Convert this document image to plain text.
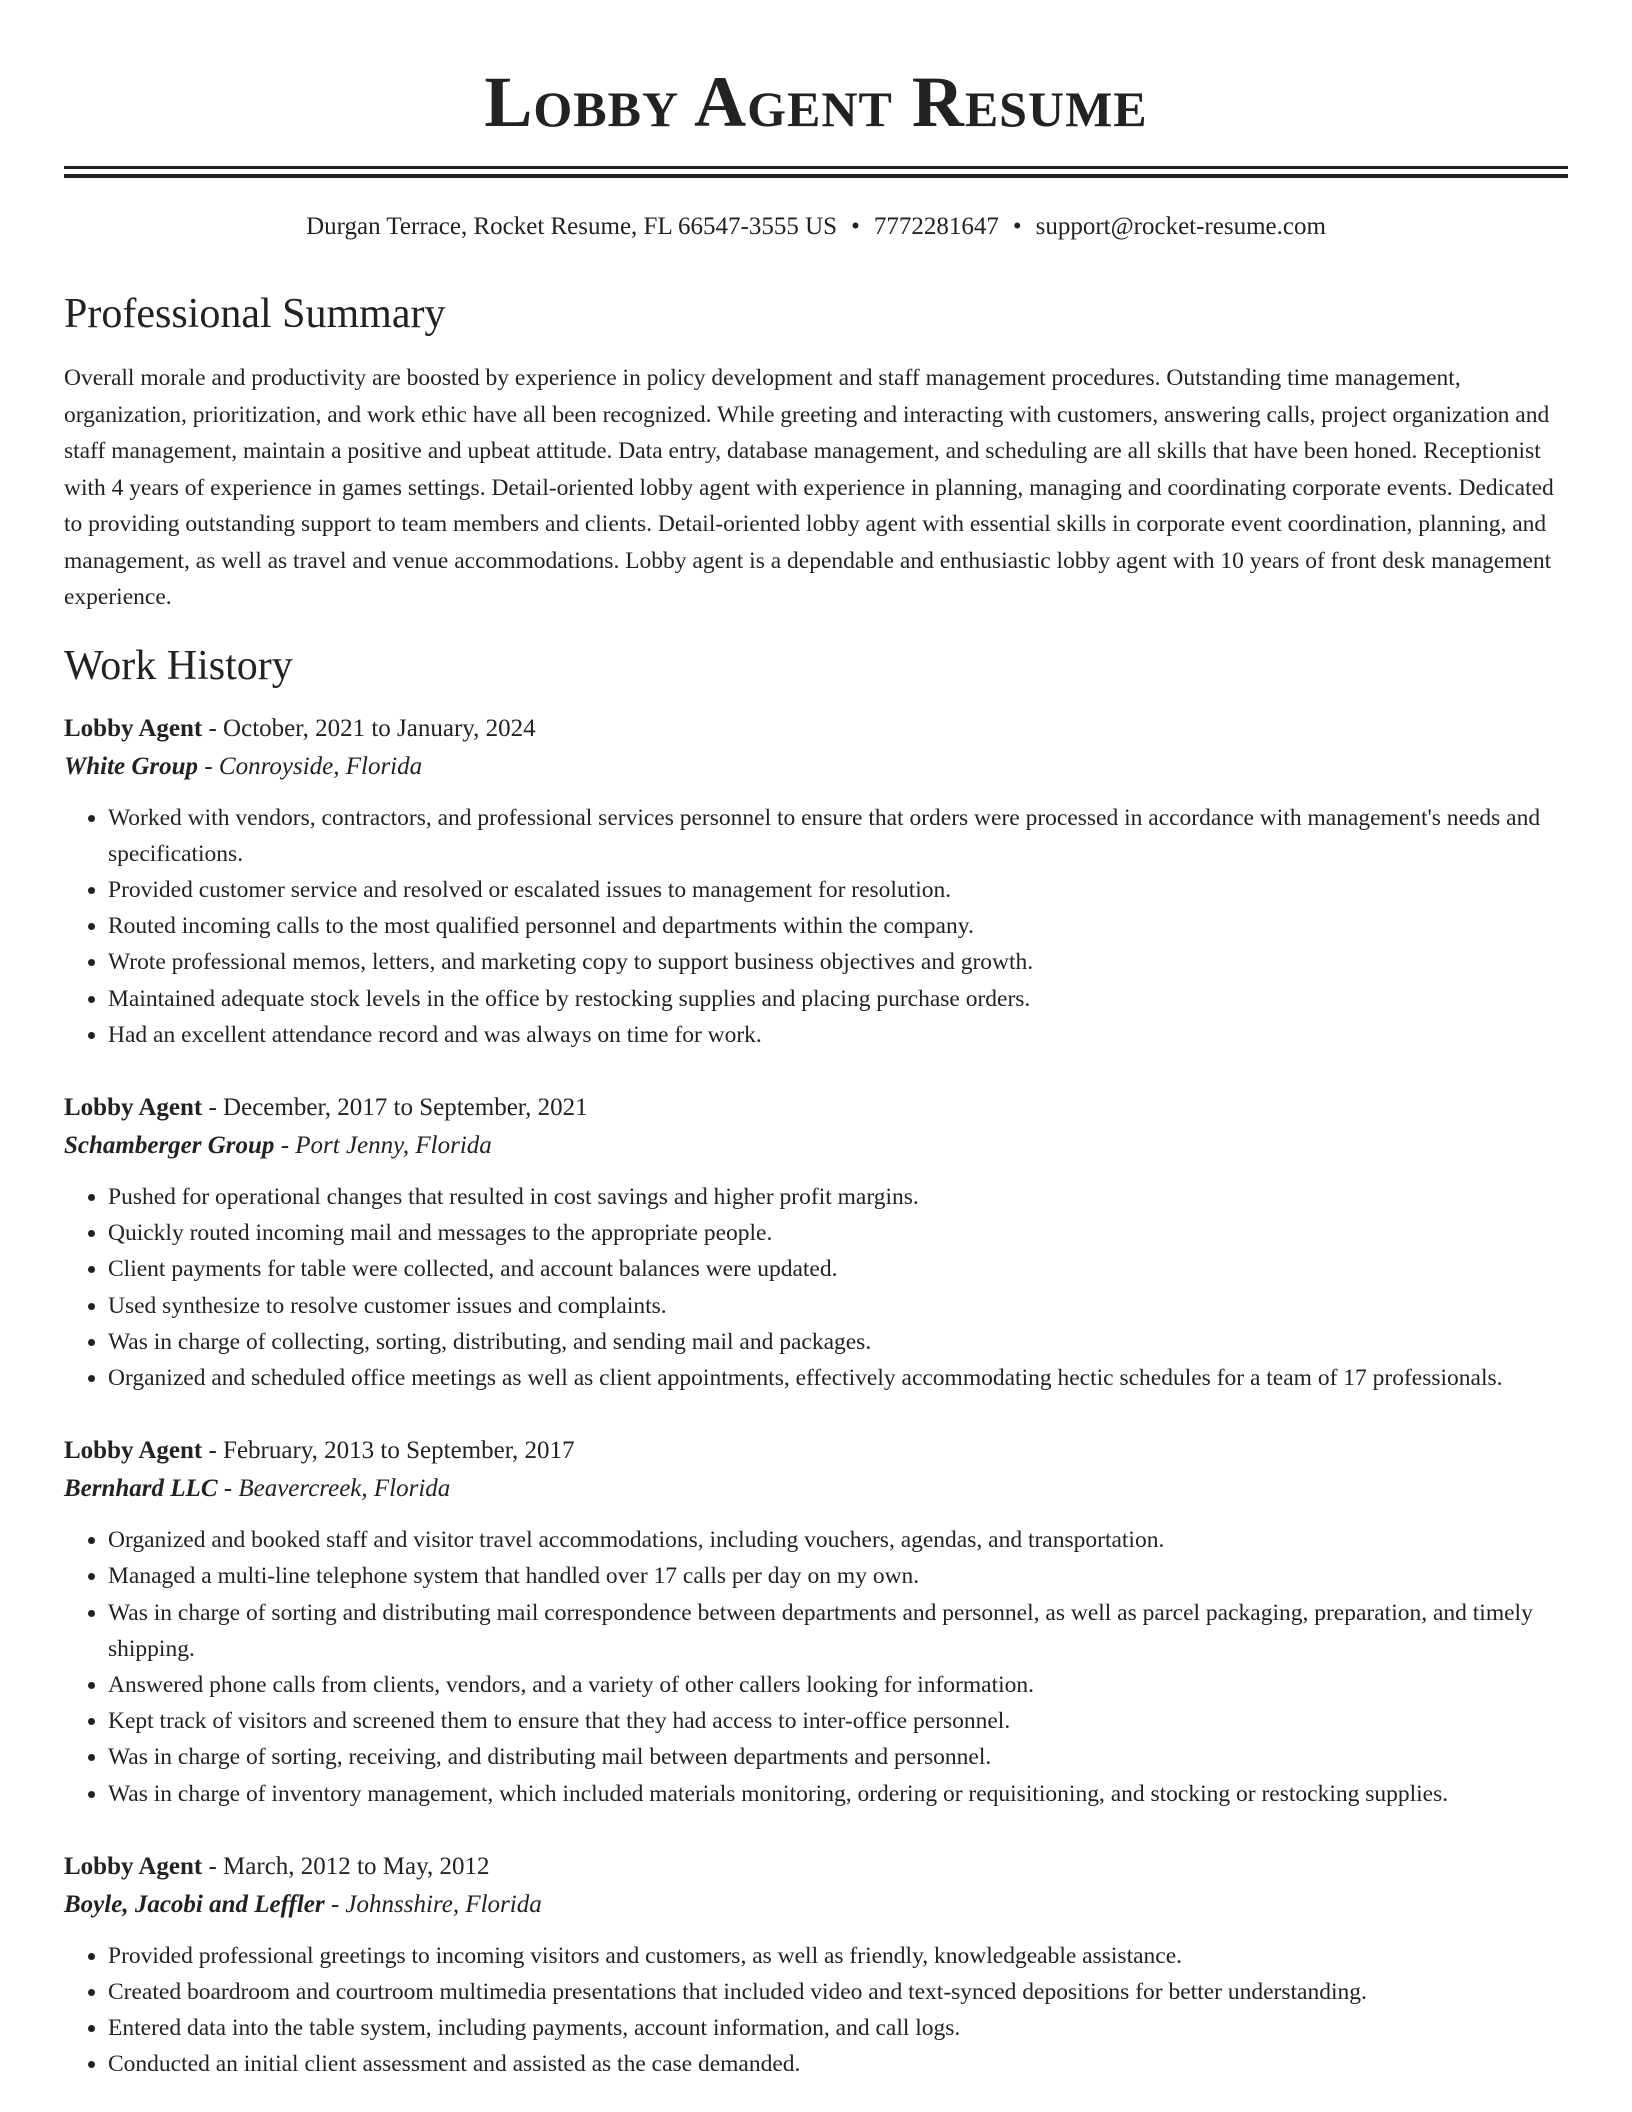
Lobby Agent Resume
Durgan Terrace, Rocket Resume, FL 66547-3555 US • 7772281647 • support@rocket-resume.com
Professional Summary
Overall morale and productivity are boosted by experience in policy development and staff management procedures. Outstanding time management, organization, prioritization, and work ethic have all been recognized. While greeting and interacting with customers, answering calls, project organization and staff management, maintain a positive and upbeat attitude. Data entry, database management, and scheduling are all skills that have been honed. Receptionist with 4 years of experience in games settings. Detail-oriented lobby agent with experience in planning, managing and coordinating corporate events. Dedicated to providing outstanding support to team members and clients. Detail-oriented lobby agent with essential skills in corporate event coordination, planning, and management, as well as travel and venue accommodations. Lobby agent is a dependable and enthusiastic lobby agent with 10 years of front desk management experience.
Work History
Lobby Agent - October, 2021 to January, 2024
White Group - Conroyside, Florida
• Worked with vendors, contractors, and professional services personnel to ensure that orders were processed in accordance with management's needs and specifications.
• Provided customer service and resolved or escalated issues to management for resolution.
• Routed incoming calls to the most qualified personnel and departments within the company.
• Wrote professional memos, letters, and marketing copy to support business objectives and growth.
• Maintained adequate stock levels in the office by restocking supplies and placing purchase orders.
• Had an excellent attendance record and was always on time for work.
Lobby Agent - December, 2017 to September, 2021
Schamberger Group - Port Jenny, Florida
• Pushed for operational changes that resulted in cost savings and higher profit margins.
• Quickly routed incoming mail and messages to the appropriate people.
• Client payments for table were collected, and account balances were updated.
• Used synthesize to resolve customer issues and complaints.
• Was in charge of collecting, sorting, distributing, and sending mail and packages.
• Organized and scheduled office meetings as well as client appointments, effectively accommodating hectic schedules for a team of 17 professionals.
Lobby Agent - February, 2013 to September, 2017
Bernhard LLC - Beavercreek, Florida
• Organized and booked staff and visitor travel accommodations, including vouchers, agendas, and transportation.
• Managed a multi-line telephone system that handled over 17 calls per day on my own.
• Was in charge of sorting and distributing mail correspondence between departments and personnel, as well as parcel packaging, preparation, and timely shipping.
• Answered phone calls from clients, vendors, and a variety of other callers looking for information.
• Kept track of visitors and screened them to ensure that they had access to inter-office personnel.
• Was in charge of sorting, receiving, and distributing mail between departments and personnel.
• Was in charge of inventory management, which included materials monitoring, ordering or requisitioning, and stocking or restocking supplies.
Lobby Agent - March, 2012 to May, 2012
Boyle, Jacobi and Leffler - Johnsshire, Florida
• Provided professional greetings to incoming visitors and customers, as well as friendly, knowledgeable assistance.
• Created boardroom and courtroom multimedia presentations that included video and text-synced depositions for better understanding.
• Entered data into the table system, including payments, account information, and call logs.
• Conducted an initial client assessment and assisted as the case demanded.
